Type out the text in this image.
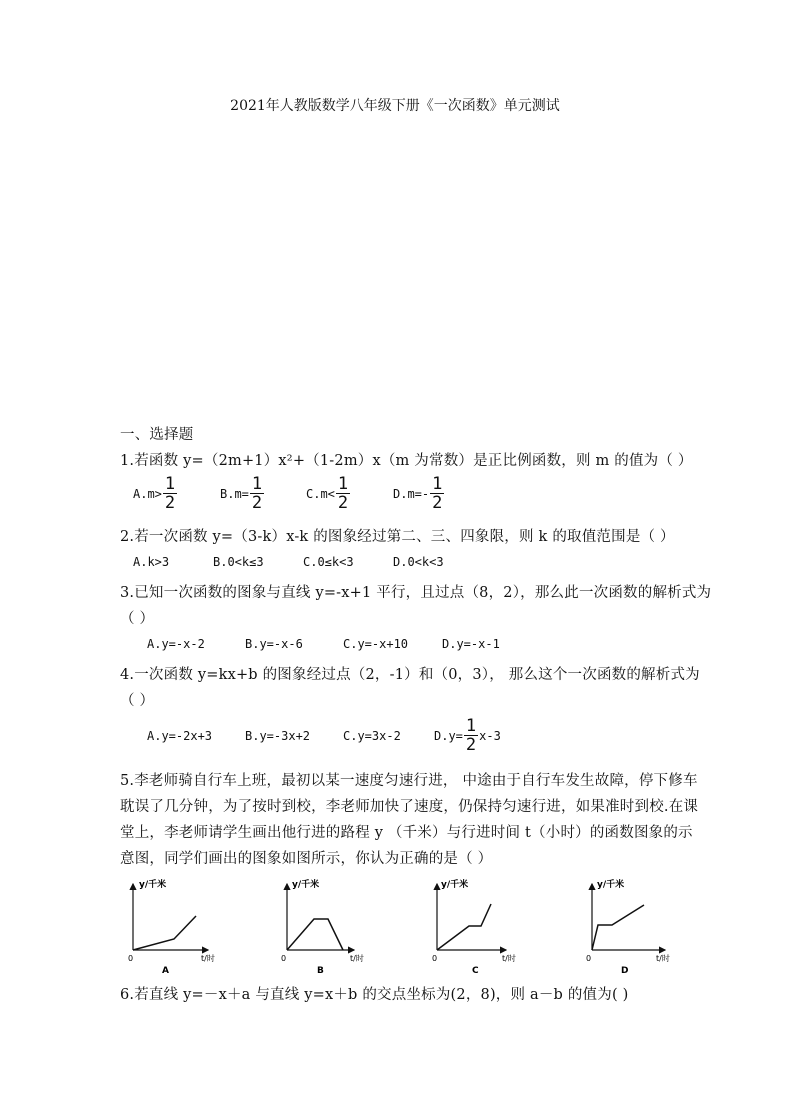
2021年人教版数学八年级下册《一次函数》单元测试
一、选择题
1.若函数 y=（2m+1）x²+（1-2m）x（m 为常数）是正比例函数，则 m 的值为（ ）
$A.m> \frac{1}{2}$	$B.m= \frac{1}{2}$	$C.m< \frac{1}{2}$	$D.m=- \frac{1}{2}$
2.若一次函数 y=（3-k）x-k 的图象经过第二、三、四象限，则 k 的取值范围是（ ）
A.k>3	B.0<k≤3	C.0≤k<3	D.0<k<3
3.已知一次函数的图象与直线 y=-x+1 平行，且过点（8，2），那么此一次函数的解析式为
（ ）
A.y=-x-2	B.y=-x-6	C.y=-x+10	D.y=-x-1
4.一次函数 y=kx+b 的图象经过点（2，-1）和（0，3）， 那么这个一次函数的解析式为
（ ）
A.y=-2x+3	B.y=-3x+2	C.y=3x-2	$D.y= \frac{1}{2} x-3$
5.李老师骑自行车上班，最初以某一速度匀速行进， 中途由于自行车发生故障，停下修车
耽误了几分钟，为了按时到校，李老师加快了速度，仍保持匀速行进，如果准时到校.在课
堂上，李老师请学生画出他行进的路程 y （千米）与行进时间 t（小时）的函数图象的示
意图，同学们画出的图象如图所示，你认为正确的是（ ）
y/千米
t/时
0
A
y/千米
t/时
0
B
y/千米
t/时
0
C
y/千米
t/时
0
D
6.若直线 y=－x＋a 与直线 y=x＋b 的交点坐标为(2，8)，则 a－b 的值为( )
